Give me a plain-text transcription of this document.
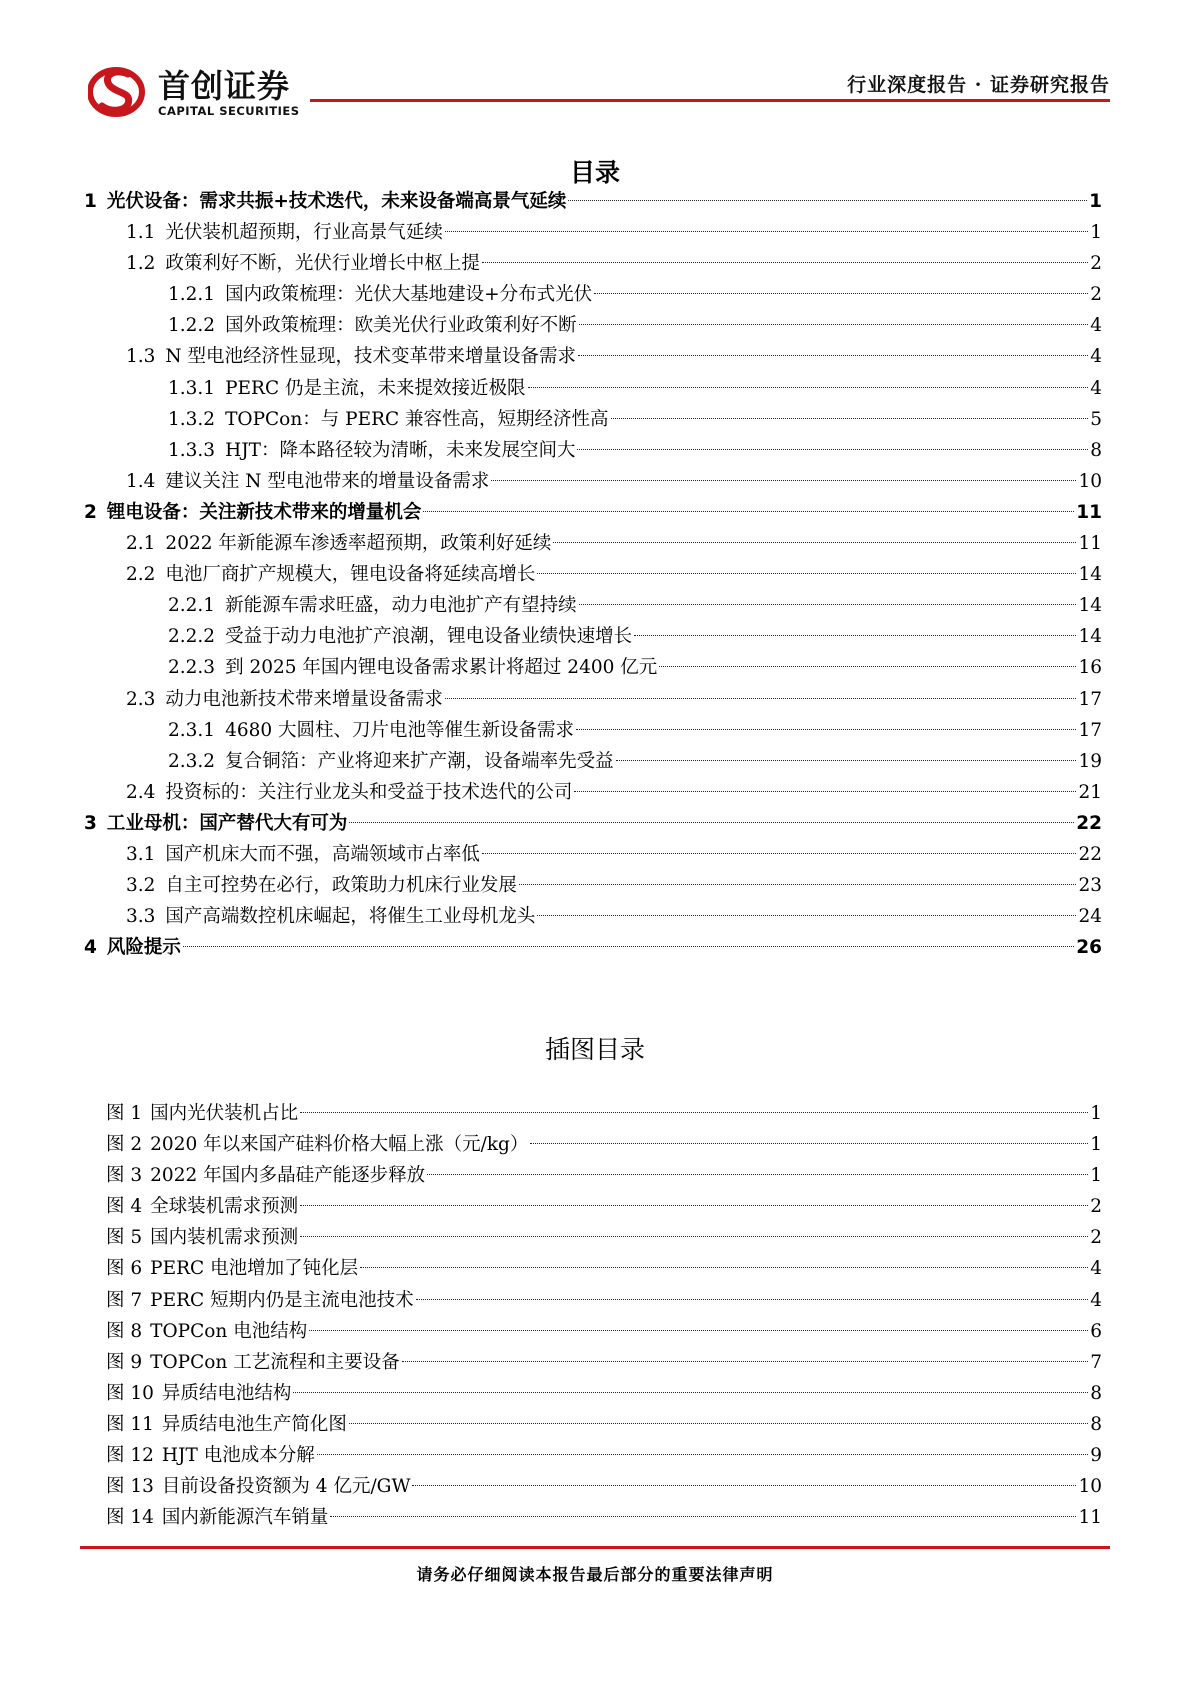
首创证券
CAPITAL SECURITIES
行业深度报告 · 证券研究报告
目录
1 光伏设备：需求共振+技术迭代，未来设备端高景气延续	1
1.1 光伏装机超预期，行业高景气延续	1
1.2 政策利好不断，光伏行业增长中枢上提	2
1.2.1 国内政策梳理：光伏大基地建设+分布式光伏	2
1.2.2 国外政策梳理：欧美光伏行业政策利好不断	4
1.3 N 型电池经济性显现，技术变革带来增量设备需求	4
1.3.1 PERC 仍是主流，未来提效接近极限	4
1.3.2 TOPCon：与 PERC 兼容性高，短期经济性高	5
1.3.3 HJT：降本路径较为清晰，未来发展空间大	8
1.4 建议关注 N 型电池带来的增量设备需求	10
2 锂电设备：关注新技术带来的增量机会	11
2.1 2022 年新能源车渗透率超预期，政策利好延续	11
2.2 电池厂商扩产规模大，锂电设备将延续高增长	14
2.2.1 新能源车需求旺盛，动力电池扩产有望持续	14
2.2.2 受益于动力电池扩产浪潮，锂电设备业绩快速增长	14
2.2.3 到 2025 年国内锂电设备需求累计将超过 2400 亿元	16
2.3 动力电池新技术带来增量设备需求	17
2.3.1 4680 大圆柱、刀片电池等催生新设备需求	17
2.3.2 复合铜箔：产业将迎来扩产潮，设备端率先受益	19
2.4 投资标的：关注行业龙头和受益于技术迭代的公司	21
3 工业母机：国产替代大有可为	22
3.1 国产机床大而不强，高端领域市占率低	22
3.2 自主可控势在必行，政策助力机床行业发展	23
3.3 国产高端数控机床崛起，将催生工业母机龙头	24
4 风险提示	26
插图目录
图 1 国内光伏装机占比	1
图 2 2020 年以来国产硅料价格大幅上涨（元/kg）	1
图 3 2022 年国内多晶硅产能逐步释放	1
图 4 全球装机需求预测	2
图 5 国内装机需求预测	2
图 6 PERC 电池增加了钝化层	4
图 7 PERC 短期内仍是主流电池技术	4
图 8 TOPCon 电池结构	6
图 9 TOPCon 工艺流程和主要设备	7
图 10 异质结电池结构	8
图 11 异质结电池生产简化图	8
图 12 HJT 电池成本分解	9
图 13 目前设备投资额为 4 亿元/GW	10
图 14 国内新能源汽车销量	11
请务必仔细阅读本报告最后部分的重要法律声明
